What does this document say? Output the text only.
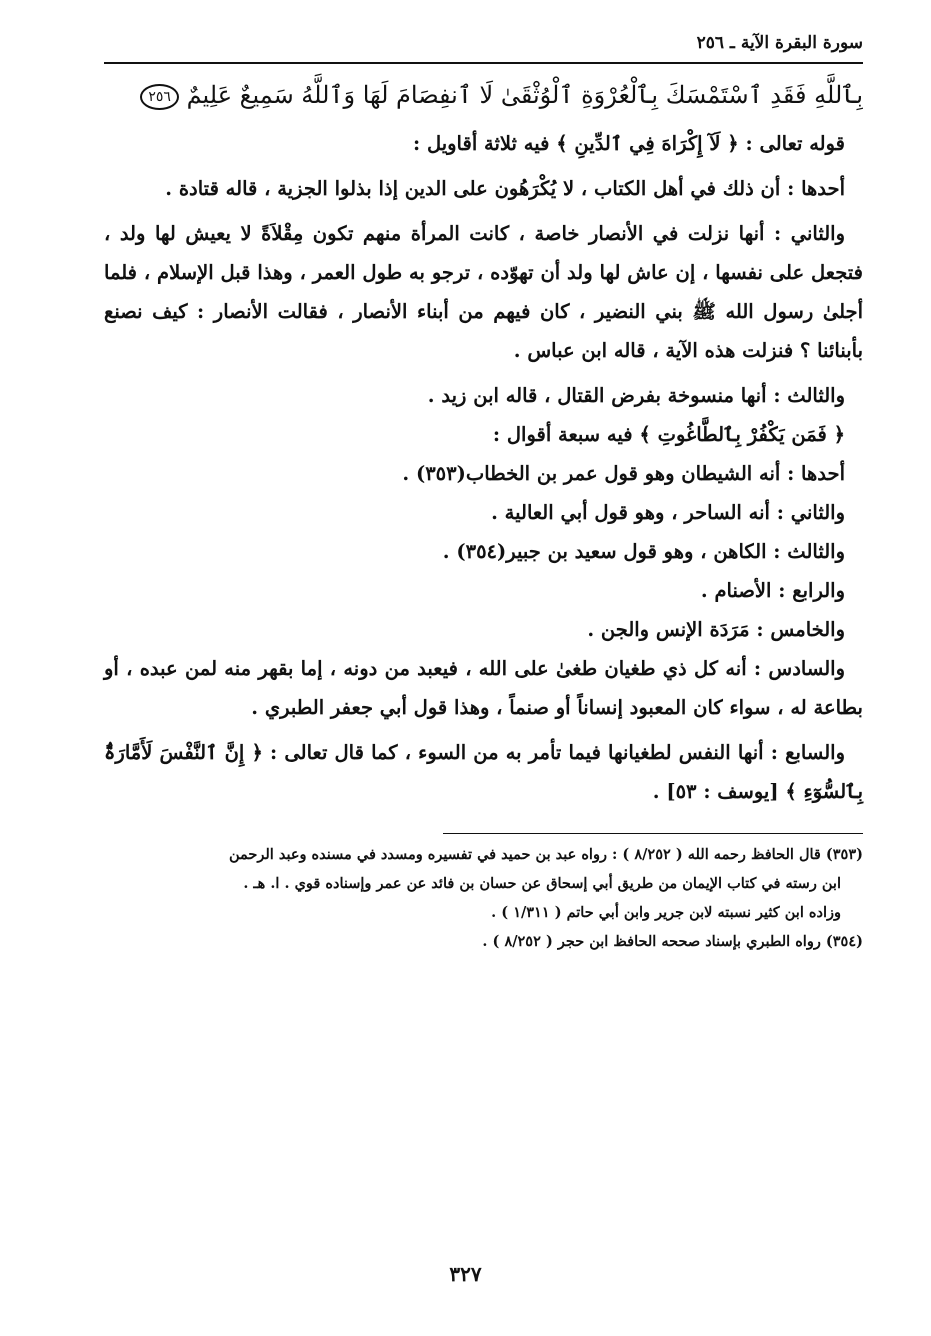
سورة البقرة الآية ـ ٢٥٦
بِٱللَّهِ فَقَدِ ٱسْتَمْسَكَ بِٱلْعُرْوَةِ ٱلْوُثْقَىٰ لَا ٱنفِصَامَ لَهَا وَٱللَّهُ سَمِيعٌ عَلِيمٌ ٢٥٦

قوله تعالى : ﴿ لَآ إِكْرَاهَ فِي ٱلدِّينِ ﴾ فيه ثلاثة أقاويل :

أحدها : أن ذلك في أهل الكتاب ، لا يُكْرَهُون على الدين إذا بذلوا الجزية ، قاله قتادة .

والثاني : أنها نزلت في الأنصار خاصة ، كانت المرأة منهم تكون مِقْلاَةً لا يعيش لها ولد ، فتجعل على نفسها ، إن عاش لها ولد أن تهوّده ، ترجو به طول العمر ، وهذا قبل الإسلام ، فلما أجلىٰ رسول الله ﷺ بني النضير ، كان فيهم من أبناء الأنصار ، فقالت الأنصار : كيف نصنع بأبنائنا ؟ فنزلت هذه الآية ، قاله ابن عباس .

والثالث : أنها منسوخة بفرض القتال ، قاله ابن زيد .

﴿ فَمَن يَكْفُرْ بِٱلطَّاغُوتِ ﴾ فيه سبعة أقوال :

أحدها : أنه الشيطان وهو قول عمر بن الخطاب(٣٥٣) .

والثاني : أنه الساحر ، وهو قول أبي العالية .

والثالث : الكاهن ، وهو قول سعيد بن جبير(٣٥٤) .

والرابع : الأصنام .

والخامس : مَرَدَة الإنس والجن .

والسادس : أنه كل ذي طغيان طغىٰ على الله ، فيعبد من دونه ، إما بقهر منه لمن عبده ، أو بطاعة له ، سواء كان المعبود إنساناً أو صنماً ، وهذا قول أبي جعفر الطبري .

والسابع : أنها النفس لطغيانها فيما تأمر به من السوء ، كما قال تعالى : ﴿ إِنَّ ٱلنَّفْسَ لَأَمَّارَةٌۢ بِٱلسُّوٓءِ ﴾ [يوسف : ٥٣] .

(٣٥٣) قال الحافظ رحمه الله ( ٨/٢٥٢ ) : رواه عبد بن حميد في تفسيره ومسدد في مسنده وعبد الرحمن

ابن رسته في كتاب الإيمان من طريق أبي إسحاق عن حسان بن فائد عن عمر وإسناده قوي . ا. هـ .

وزاده ابن كثير نسبته لابن جرير وابن أبي حاتم ( ١/٣١١ ) .

(٣٥٤) رواه الطبري بإسناد صححه الحافظ ابن حجر ( ٨/٢٥٢ ) .

٣٢٧
